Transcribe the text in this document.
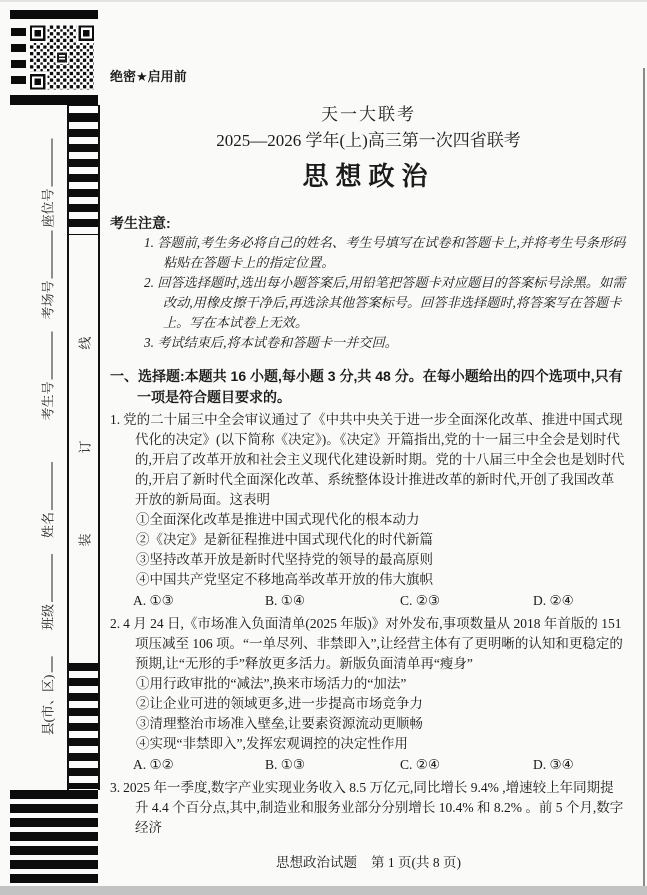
座位号
考场号
考生号
姓名
班级
县(市、区)
线
订
装
绝密★启用前
天一大联考
2025—2026 学年(上)高三第一次四省联考
思想政治
考生注意:
1. 答题前,考生务必将自己的姓名、考生号填写在试卷和答题卡上,并将考生号条形码粘贴在答题卡上的指定位置。
2. 回答选择题时,选出每小题答案后,用铅笔把答题卡对应题目的答案标号涂黑。如需改动,用橡皮擦干净后,再选涂其他答案标号。回答非选择题时,将答案写在答题卡上。写在本试卷上无效。
3. 考试结束后,将本试卷和答题卡一并交回。
一、选择题:本题共 16 小题,每小题 3 分,共 48 分。在每小题给出的四个选项中,只有一项是符合题目要求的。

1. 党的二十届三中全会审议通过了《中共中央关于进一步全面深化改革、推进中国式现代化的决定》(以下简称《决定》)。《决定》开篇指出,党的十一届三中全会是划时代的,开启了改革开放和社会主义现代化建设新时期。党的十八届三中全会也是划时代的,开启了新时代全面深化改革、系统整体设计推进改革的新时代,开创了我国改革开放的新局面。这表明

①全面深化改革是推进中国式现代化的根本动力
②《决定》是新征程推进中国式现代化的时代新篇
③坚持改革开放是新时代坚持党的领导的最高原则
④中国共产党坚定不移地高举改革开放的伟大旗帜
A. ①③	B. ①④	C. ②③	D. ②④

2. 4 月 24 日,《市场准入负面清单(2025 年版)》对外发布,事项数量从 2018 年首版的 151 项压减至 106 项。“一单尽列、非禁即入”,让经营主体有了更明晰的认知和更稳定的预期,让“无形的手”释放更多活力。新版负面清单再“瘦身”

①用行政审批的“减法”,换来市场活力的“加法”
②让企业可进的领域更多,进一步提高市场竞争力
③清理整治市场准入壁垒,让要素资源流动更顺畅
④实现“非禁即入”,发挥宏观调控的决定性作用
A. ①②	B. ①③	C. ②④	D. ③④

3. 2025 年一季度,数字产业实现业务收入 8.5 万亿元,同比增长 9.4% ,增速较上年同期提升 4.4 个百分点,其中,制造业和服务业部分分别增长 10.4% 和 8.2% 。前 5 个月,数字经济

思想政治试题 第 1 页(共 8 页)
